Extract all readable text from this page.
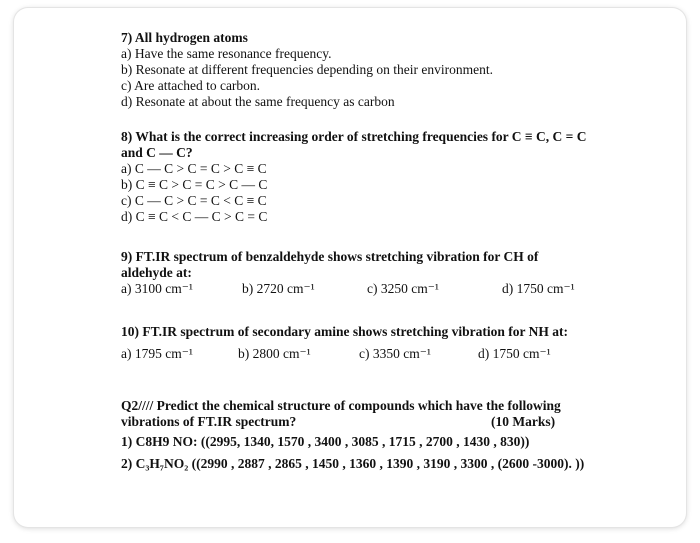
7) All hydrogen atoms
a) Have the same resonance frequency.
b) Resonate at different frequencies depending on their environment.
c) Are attached to carbon.
d) Resonate at about the same frequency as carbon
8) What is the correct increasing order of stretching frequencies for C ≡ C, C = C
and C — C?
a) C — C > C = C > C ≡ C
b) C ≡ C > C = C > C — C
c) C — C > C = C < C ≡ C
d) C ≡ C < C — C > C = C
9) FT.IR spectrum of benzaldehyde shows stretching vibration for CH of
aldehyde at:
a) 3100 cm⁻¹	b) 2720 cm⁻¹	c) 3250 cm⁻¹	d) 1750 cm⁻¹
10) FT.IR spectrum of secondary amine shows stretching vibration for NH at:
a) 1795 cm⁻¹	b) 2800 cm⁻¹	c) 3350 cm⁻¹	d) 1750 cm⁻¹
Q2//// Predict the chemical structure of compounds which have the following
vibrations of FT.IR spectrum?	(10 Marks)
1) C8H9 NO: ((2995, 1340, 1570 , 3400 , 3085 , 1715 , 2700 , 1430 , 830))
2) C₃H₇NO₂ ((2990 , 2887 , 2865 , 1450 , 1360 , 1390 , 3190 , 3300 , (2600 -3000). ))
